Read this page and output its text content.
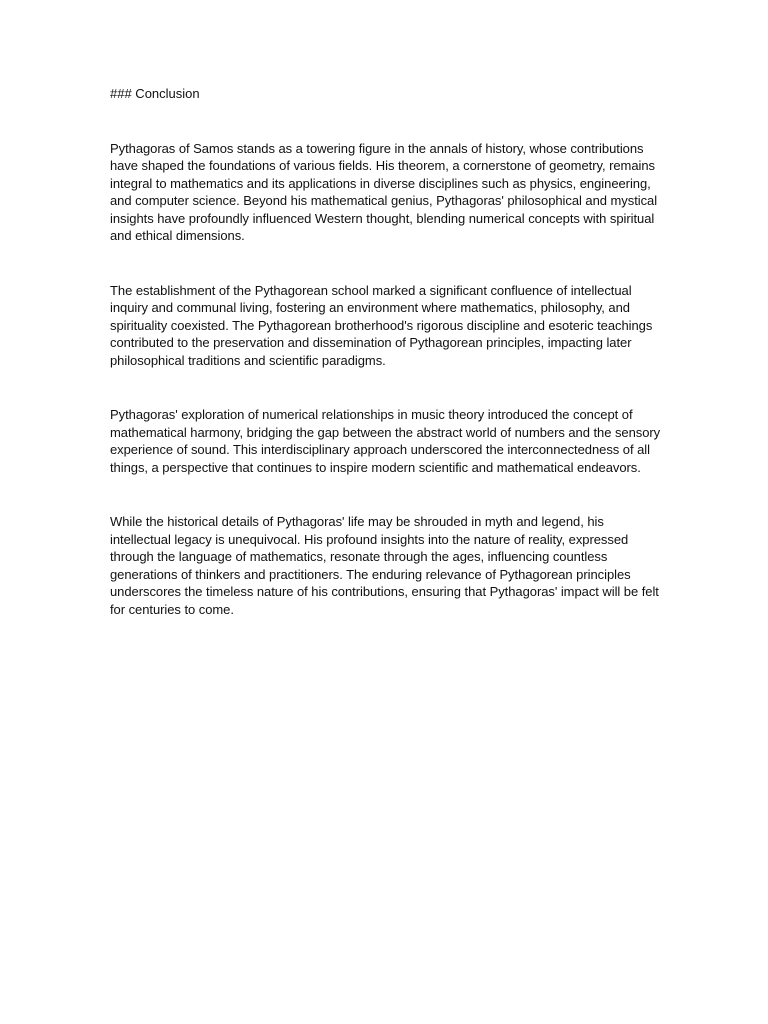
### Conclusion

Pythagoras of Samos stands as a towering figure in the annals of history, whose contributions have shaped the foundations of various fields. His theorem, a cornerstone of geometry, remains integral to mathematics and its applications in diverse disciplines such as physics, engineering, and computer science. Beyond his mathematical genius, Pythagoras' philosophical and mystical insights have profoundly influenced Western thought, blending numerical concepts with spiritual and ethical dimensions.

The establishment of the Pythagorean school marked a significant confluence of intellectual inquiry and communal living, fostering an environment where mathematics, philosophy, and spirituality coexisted. The Pythagorean brotherhood's rigorous discipline and esoteric teachings contributed to the preservation and dissemination of Pythagorean principles, impacting later philosophical traditions and scientific paradigms.

Pythagoras' exploration of numerical relationships in music theory introduced the concept of mathematical harmony, bridging the gap between the abstract world of numbers and the sensory experience of sound. This interdisciplinary approach underscored the interconnectedness of all things, a perspective that continues to inspire modern scientific and mathematical endeavors.

While the historical details of Pythagoras' life may be shrouded in myth and legend, his intellectual legacy is unequivocal. His profound insights into the nature of reality, expressed through the language of mathematics, resonate through the ages, influencing countless generations of thinkers and practitioners. The enduring relevance of Pythagorean principles underscores the timeless nature of his contributions, ensuring that Pythagoras' impact will be felt for centuries to come.
